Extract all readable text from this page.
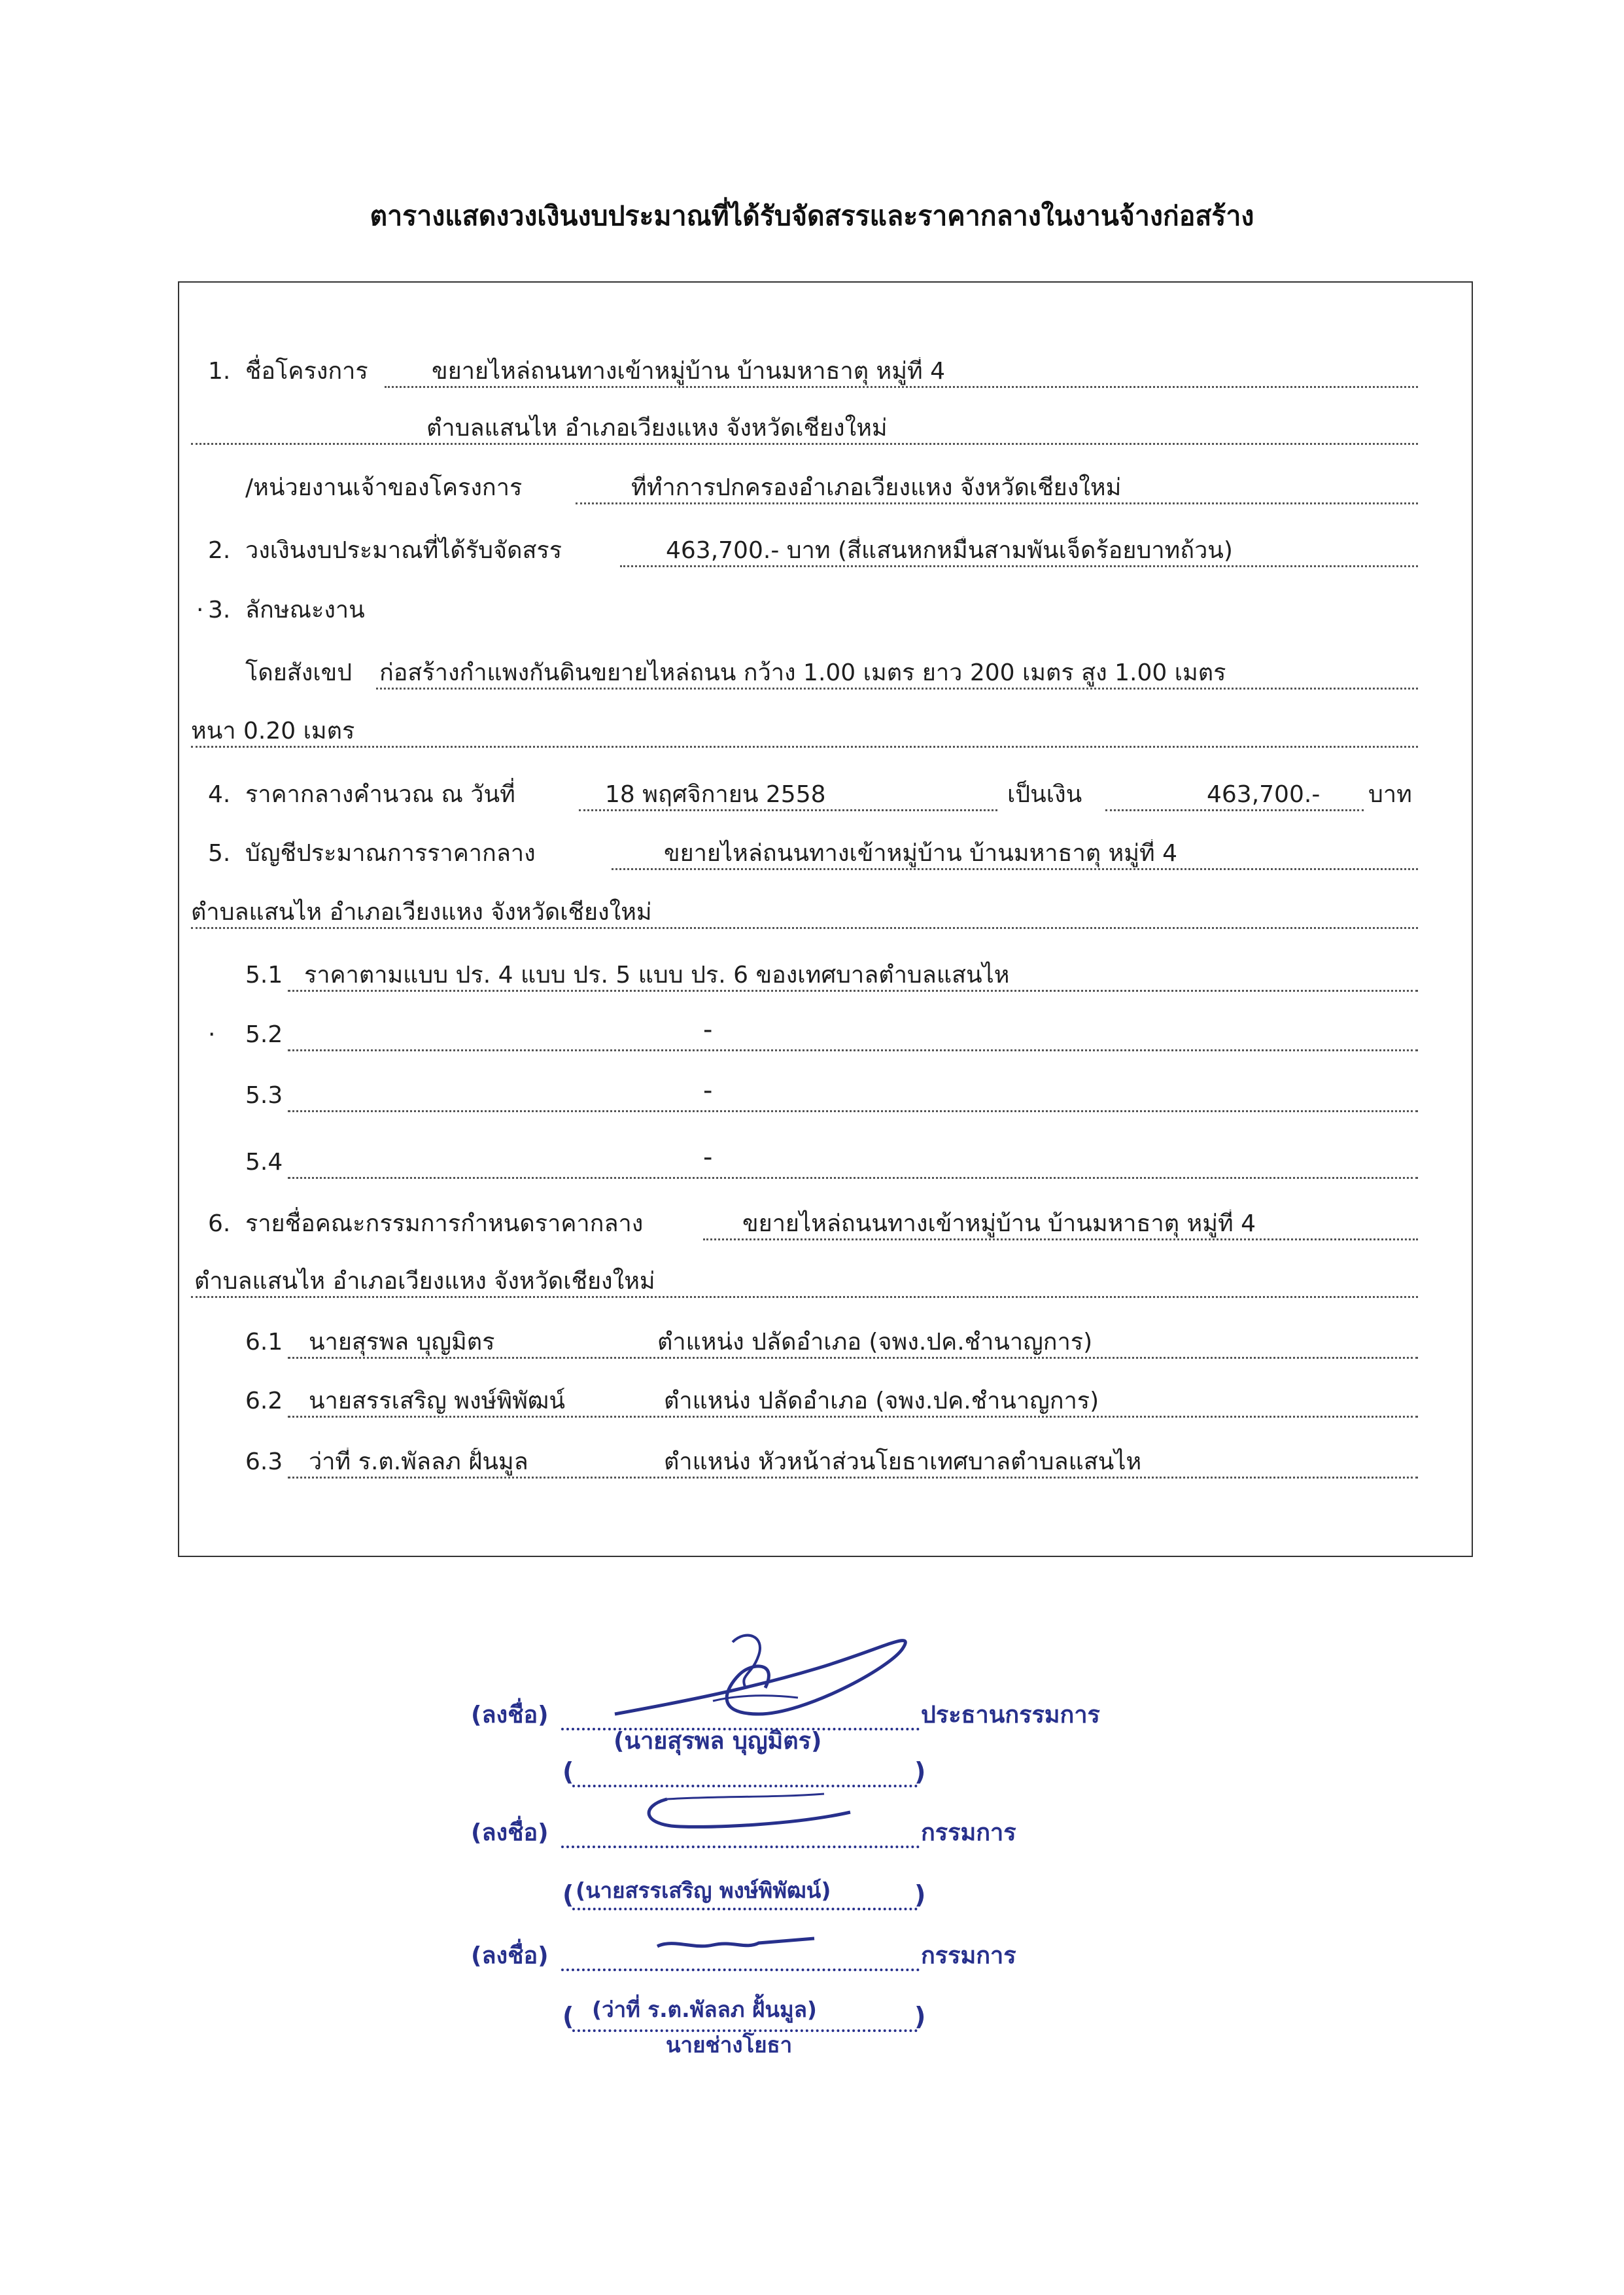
ตารางแสดงวงเงินงบประมาณที่ได้รับจัดสรรและราคากลางในงานจ้างก่อสร้าง
1. ชื่อโครงการ	ขยายไหล่ถนนทางเข้าหมู่บ้าน บ้านมหาธาตุ หมู่ที่ 4
ตำบลแสนไห อำเภอเวียงแหง จังหวัดเชียงใหม่
/หน่วยงานเจ้าของโครงการ	ที่ทำการปกครองอำเภอเวียงแหง จังหวัดเชียงใหม่
2. วงเงินงบประมาณที่ได้รับจัดสรร	463,700.- บาท (สี่แสนหกหมื่นสามพันเจ็ดร้อยบาทถ้วน)
· 3. ลักษณะงาน
โดยสังเขป ก่อสร้างกำแพงกันดินขยายไหล่ถนน กว้าง 1.00 เมตร ยาว 200 เมตร สูง 1.00 เมตร
หนา 0.20 เมตร
4. ราคากลางคำนวณ ณ วันที่	18 พฤศจิกายน 2558	เป็นเงิน	463,700.-	บาท
5. บัญชีประมาณการราคากลาง	ขยายไหล่ถนนทางเข้าหมู่บ้าน บ้านมหาธาตุ หมู่ที่ 4
ตำบลแสนไห อำเภอเวียงแหง จังหวัดเชียงใหม่
5.1 ราคาตามแบบ ปร. 4 แบบ ปร. 5 แบบ ปร. 6 ของเทศบาลตำบลแสนไห
· 5.2	-
5.3	-
5.4	-
6. รายชื่อคณะกรรมการกำหนดราคากลาง	ขยายไหล่ถนนทางเข้าหมู่บ้าน บ้านมหาธาตุ หมู่ที่ 4
ตำบลแสนไห อำเภอเวียงแหง จังหวัดเชียงใหม่
6.1	นายสุรพล บุญมิตร	ตำแหน่ง ปลัดอำเภอ (จพง.ปค.ชำนาญการ)
6.2	นายสรรเสริญ พงษ์พิพัฒน์	ตำแหน่ง ปลัดอำเภอ (จพง.ปค.ชำนาญการ)
6.3	ว่าที่ ร.ต.พัลลภ ฝั้นมูล	ตำแหน่ง หัวหน้าส่วนโยธาเทศบาลตำบลแสนไห
(ลงชื่อ)	ประธานกรรมการ
(	)
(นายสุรพล บุญมิตร)
(ลงชื่อ)	กรรมการ
(	)
(นายสรรเสริญ พงษ์พิพัฒน์)
(ลงชื่อ)	กรรมการ
(	)
(ว่าที่ ร.ต.พัลลภ ฝั้นมูล)
นายช่างโยธา
